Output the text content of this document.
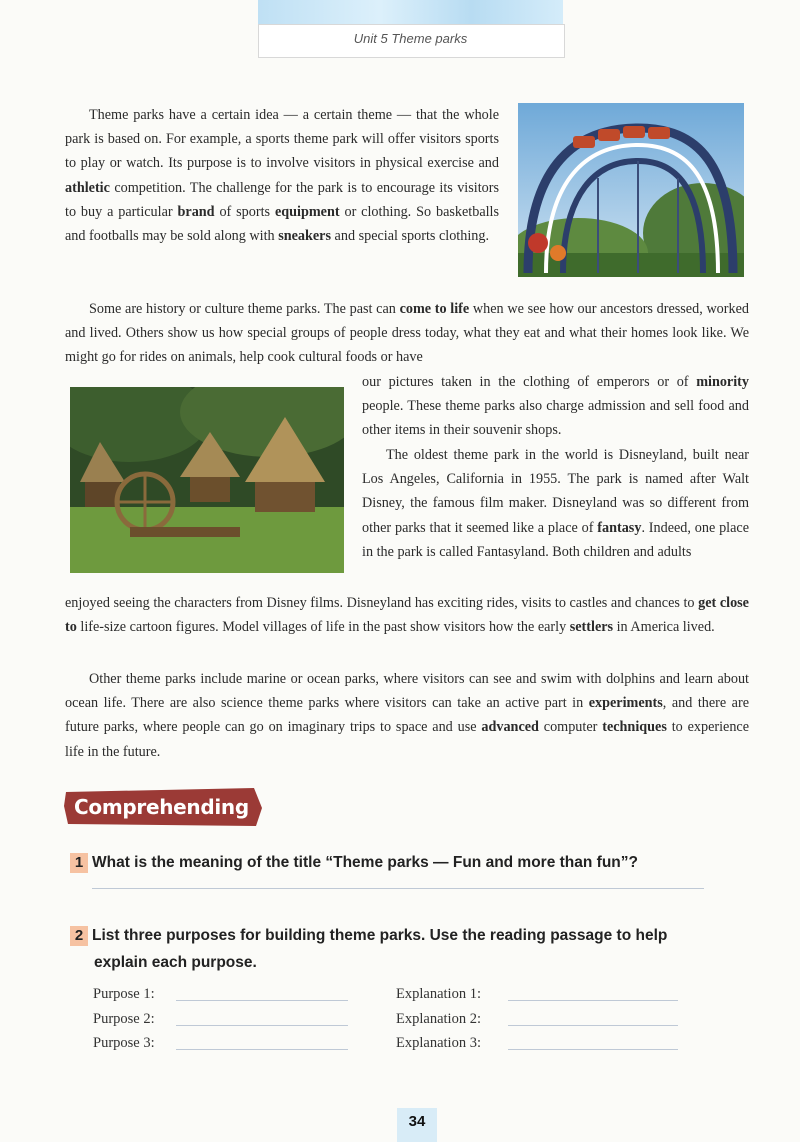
Unit 5 Theme parks

Theme parks have a certain idea — a certain theme — that the whole park is based on. For example, a sports theme park will offer visitors sports to play or watch. Its purpose is to involve visitors in physical exercise and athletic competition. The challenge for the park is to encourage its visitors to buy a particular brand of sports equipment or clothing. So basketballs and footballs may be sold along with sneakers and special sports clothing.

Some are history or culture theme parks. The past can come to life when we see how our ancestors dressed, worked and lived. Others show us how special groups of people dress today, what they eat and what their homes look like. We might go for rides on animals, help cook cultural foods or have

our pictures taken in the clothing of emperors or of minority people. These theme parks also charge admission and sell food and other items in their souvenir shops.

The oldest theme park in the world is Disneyland, built near Los Angeles, California in 1955. The park is named after Walt Disney, the famous film maker. Disneyland was so different from other parks that it seemed like a place of fantasy. Indeed, one place in the park is called Fantasyland. Both children and adults

enjoyed seeing the characters from Disney films. Disneyland has exciting rides, visits to castles and chances to get close to life-size cartoon figures. Model villages of life in the past show visitors how the early settlers in America lived.

Other theme parks include marine or ocean parks, where visitors can see and swim with dolphins and learn about ocean life. There are also science theme parks where visitors can take an active part in experiments, and there are future parks, where people can go on imaginary trips to space and use advanced computer techniques to experience life in the future.

Comprehending
1 What is the meaning of the title “Theme parks — Fun and more than fun”?
2 List three purposes for building theme parks. Use the reading passage to help
explain each purpose.
Purpose 1:
Purpose 2:
Purpose 3:
Explanation 1:
Explanation 2:
Explanation 3:
34
